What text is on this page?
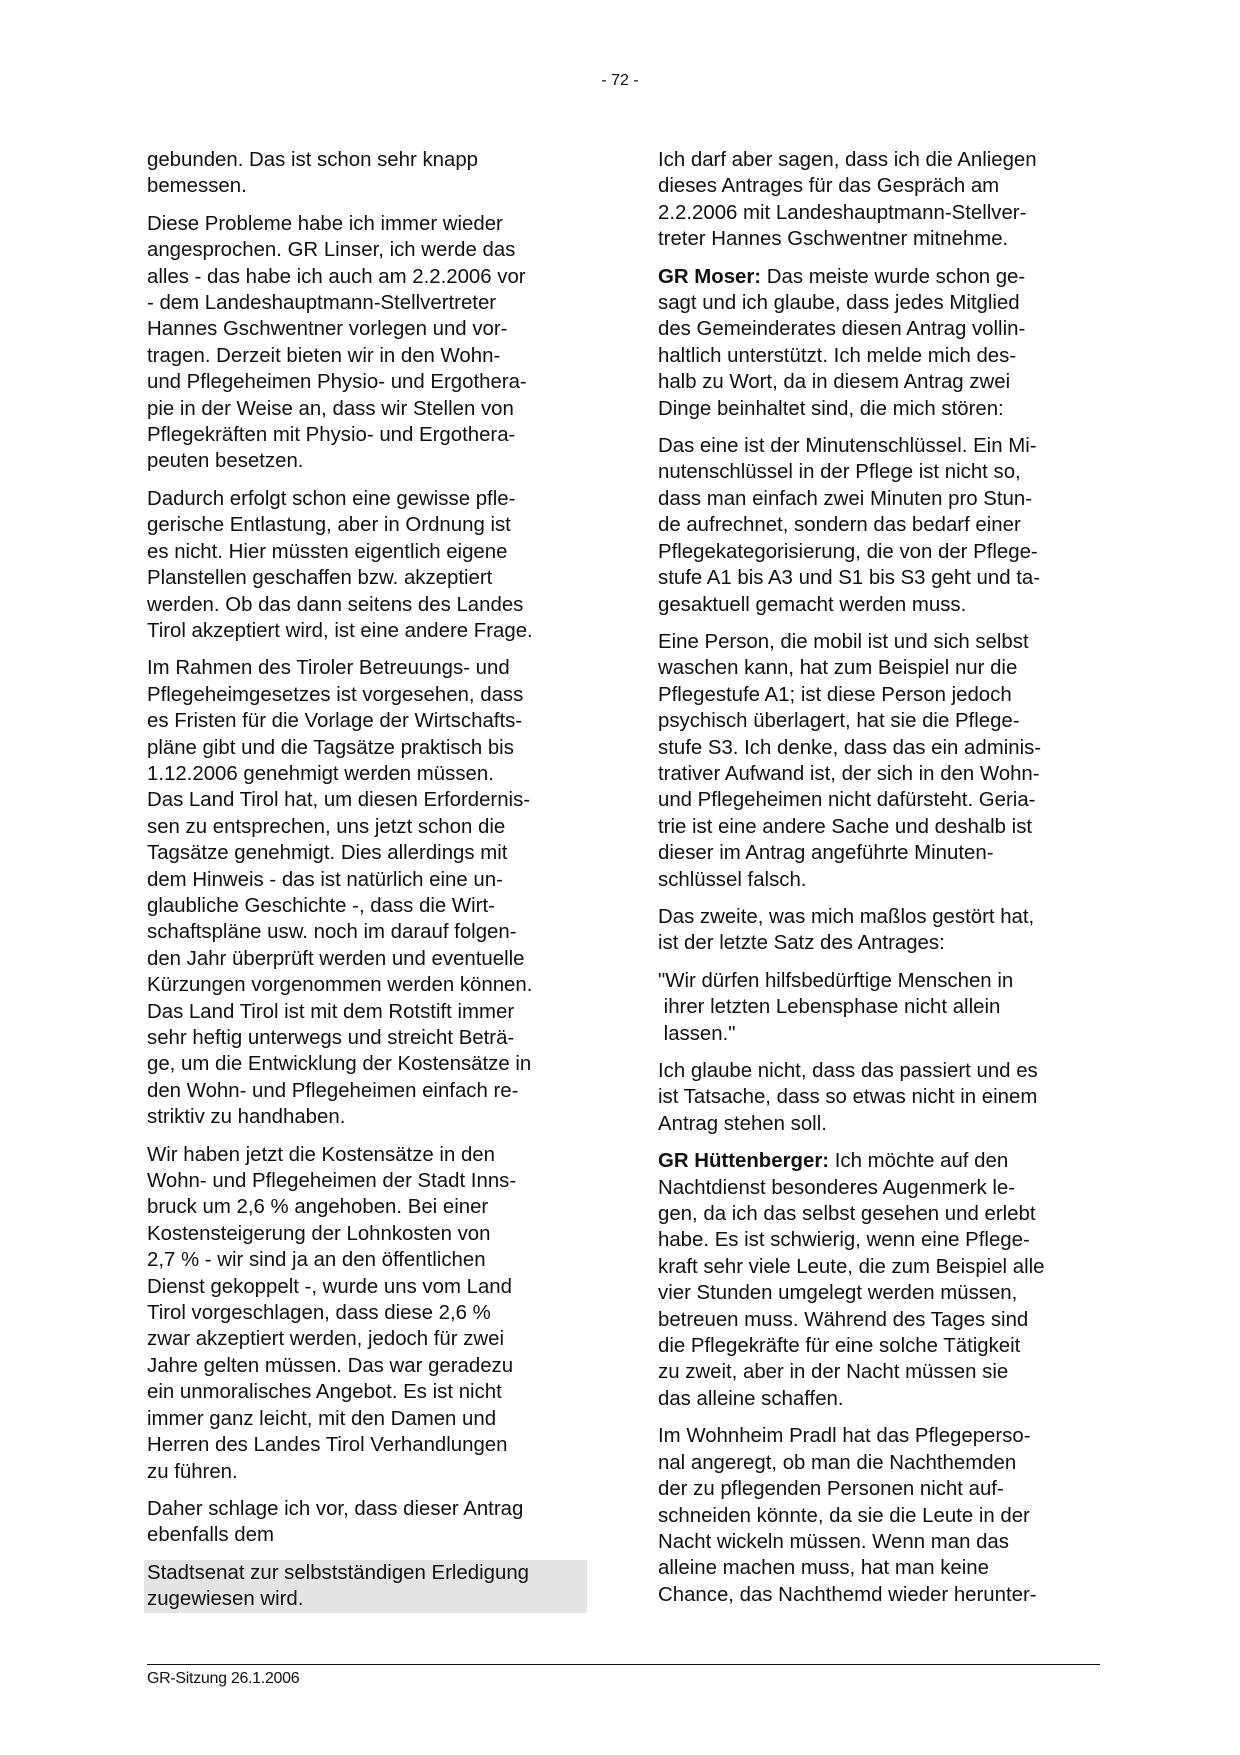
- 72 -
gebunden. Das ist schon sehr knapp
bemessen.
Diese Probleme habe ich immer wieder
angesprochen. GR Linser, ich werde das
alles - das habe ich auch am 2.2.2006 vor
- dem Landeshauptmann-Stellvertreter
Hannes Gschwentner vorlegen und vor-
tragen. Derzeit bieten wir in den Wohn-
und Pflegeheimen Physio- und Ergothera-
pie in der Weise an, dass wir Stellen von
Pflegekräften mit Physio- und Ergothera-
peuten besetzen.
Dadurch erfolgt schon eine gewisse pfle-
gerische Entlastung, aber in Ordnung ist
es nicht. Hier müssten eigentlich eigene
Planstellen geschaffen bzw. akzeptiert
werden. Ob das dann seitens des Landes
Tirol akzeptiert wird, ist eine andere Frage.
Im Rahmen des Tiroler Betreuungs- und
Pflegeheimgesetzes ist vorgesehen, dass
es Fristen für die Vorlage der Wirtschafts-
pläne gibt und die Tagsätze praktisch bis
1.12.2006 genehmigt werden müssen.
Das Land Tirol hat, um diesen Erfordernis-
sen zu entsprechen, uns jetzt schon die
Tagsätze genehmigt. Dies allerdings mit
dem Hinweis - das ist natürlich eine un-
glaubliche Geschichte -, dass die Wirt-
schaftspläne usw. noch im darauf folgen-
den Jahr überprüft werden und eventuelle
Kürzungen vorgenommen werden können.
Das Land Tirol ist mit dem Rotstift immer
sehr heftig unterwegs und streicht Beträ-
ge, um die Entwicklung der Kostensätze in
den Wohn- und Pflegeheimen einfach re-
striktiv zu handhaben.
Wir haben jetzt die Kostensätze in den
Wohn- und Pflegeheimen der Stadt Inns-
bruck um 2,6 % angehoben. Bei einer
Kostensteigerung der Lohnkosten von
2,7 % - wir sind ja an den öffentlichen
Dienst gekoppelt -, wurde uns vom Land
Tirol vorgeschlagen, dass diese 2,6 %
zwar akzeptiert werden, jedoch für zwei
Jahre gelten müssen. Das war geradezu
ein unmoralisches Angebot. Es ist nicht
immer ganz leicht, mit den Damen und
Herren des Landes Tirol Verhandlungen
zu führen.
Daher schlage ich vor, dass dieser Antrag
ebenfalls dem
Stadtsenat zur selbstständigen Erledigung
zugewiesen wird.
Ich darf aber sagen, dass ich die Anliegen
dieses Antrages für das Gespräch am
2.2.2006 mit Landeshauptmann-Stellver-
treter Hannes Gschwentner mitnehme.
GR Moser: Das meiste wurde schon ge-
sagt und ich glaube, dass jedes Mitglied
des Gemeinderates diesen Antrag vollin-
haltlich unterstützt. Ich melde mich des-
halb zu Wort, da in diesem Antrag zwei
Dinge beinhaltet sind, die mich stören:
Das eine ist der Minutenschlüssel. Ein Mi-
nutenschlüssel in der Pflege ist nicht so,
dass man einfach zwei Minuten pro Stun-
de aufrechnet, sondern das bedarf einer
Pflegekategorisierung, die von der Pflege-
stufe A1 bis A3 und S1 bis S3 geht und ta-
gesaktuell gemacht werden muss.
Eine Person, die mobil ist und sich selbst
waschen kann, hat zum Beispiel nur die
Pflegestufe A1; ist diese Person jedoch
psychisch überlagert, hat sie die Pflege-
stufe S3. Ich denke, dass das ein adminis-
trativer Aufwand ist, der sich in den Wohn-
und Pflegeheimen nicht dafürsteht. Geria-
trie ist eine andere Sache und deshalb ist
dieser im Antrag angeführte Minuten-
schlüssel falsch.
Das zweite, was mich maßlos gestört hat,
ist der letzte Satz des Antrages:
"Wir dürfen hilfsbedürftige Menschen in
ihrer letzten Lebensphase nicht allein
lassen."
Ich glaube nicht, dass das passiert und es
ist Tatsache, dass so etwas nicht in einem
Antrag stehen soll.
GR Hüttenberger: Ich möchte auf den
Nachtdienst besonderes Augenmerk le-
gen, da ich das selbst gesehen und erlebt
habe. Es ist schwierig, wenn eine Pflege-
kraft sehr viele Leute, die zum Beispiel alle
vier Stunden umgelegt werden müssen,
betreuen muss. Während des Tages sind
die Pflegekräfte für eine solche Tätigkeit
zu zweit, aber in der Nacht müssen sie
das alleine schaffen.
Im Wohnheim Pradl hat das Pflegeperso-
nal angeregt, ob man die Nachthemden
der zu pflegenden Personen nicht auf-
schneiden könnte, da sie die Leute in der
Nacht wickeln müssen. Wenn man das
alleine machen muss, hat man keine
Chance, das Nachthemd wieder herunter-
GR-Sitzung 26.1.2006
